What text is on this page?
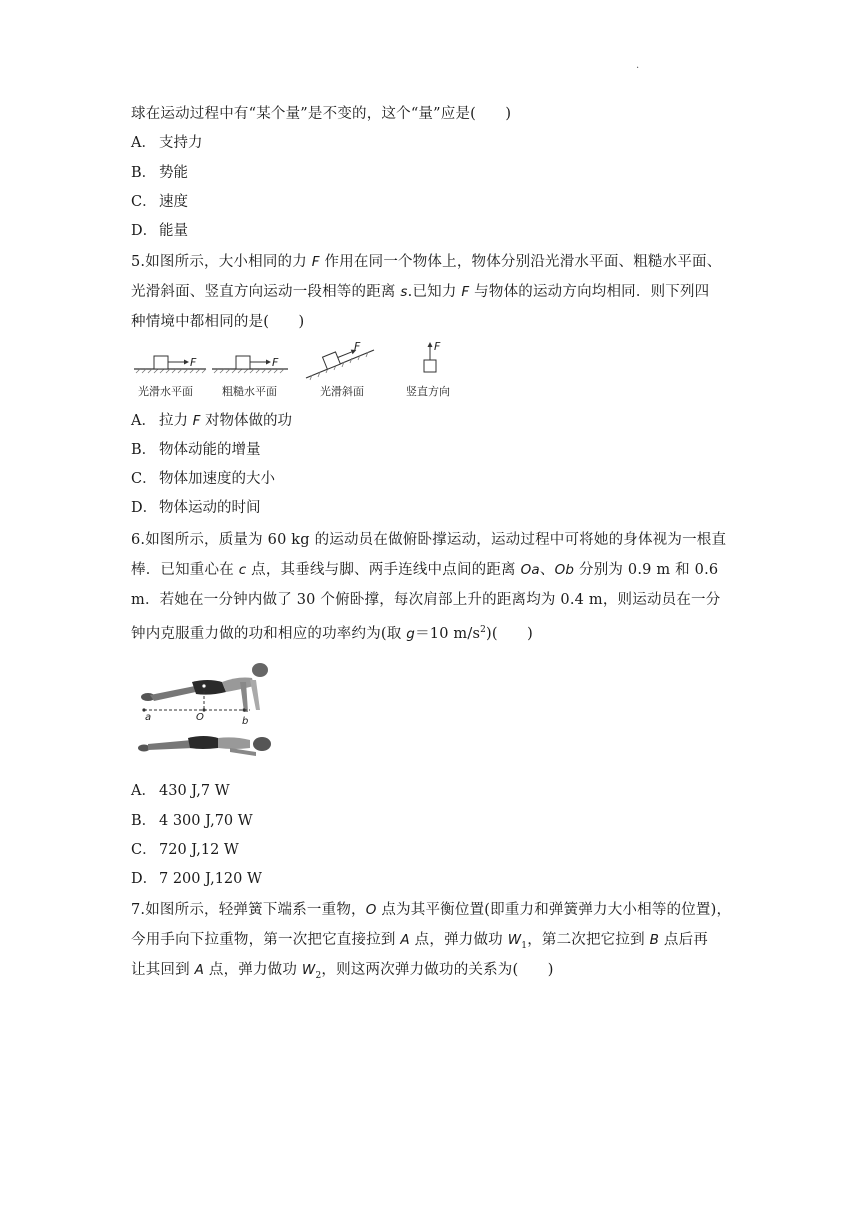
.
球在运动过程中有“某个量”是不变的，这个“量”应是(　　)
A． 支持力
B． 势能
C． 速度
D． 能量
5.如图所示，大小相同的力 F 作用在同一个物体上，物体分别沿光滑水平面、粗糙水平面、
光滑斜面、竖直方向运动一段相等的距离 s.已知力 F 与物体的运动方向均相同．则下列四
种情境中都相同的是(　　)
F
光滑水平面
F
粗糙水平面
F
光滑斜面
F
竖直方向
A． 拉力 F 对物体做的功
B． 物体动能的增量
C． 物体加速度的大小
D． 物体运动的时间
6.如图所示，质量为 60 kg 的运动员在做俯卧撑运动，运动过程中可将她的身体视为一根直
棒．已知重心在 c 点，其垂线与脚、两手连线中点间的距离 Oa、Ob 分别为 0.9 m 和 0.6
m．若她在一分钟内做了 30 个俯卧撑，每次肩部上升的距离均为 0.4 m，则运动员在一分
钟内克服重力做的功和相应的功率约为(取 g＝10 $m/s^2$)(　　)
a	O	b
A． 430 J,7 W
B． 4 300 J,70 W
C． 720 J,12 W
D． 7 200 J,120 W
7.如图所示，轻弹簧下端系一重物，O 点为其平衡位置(即重力和弹簧弹力大小相等的位置)，
今用手向下拉重物，第一次把它直接拉到 A 点，弹力做功 $W_1$，第二次把它拉到 B 点后再
让其回到 A 点，弹力做功 $W_2$，则这两次弹力做功的关系为(　　)
